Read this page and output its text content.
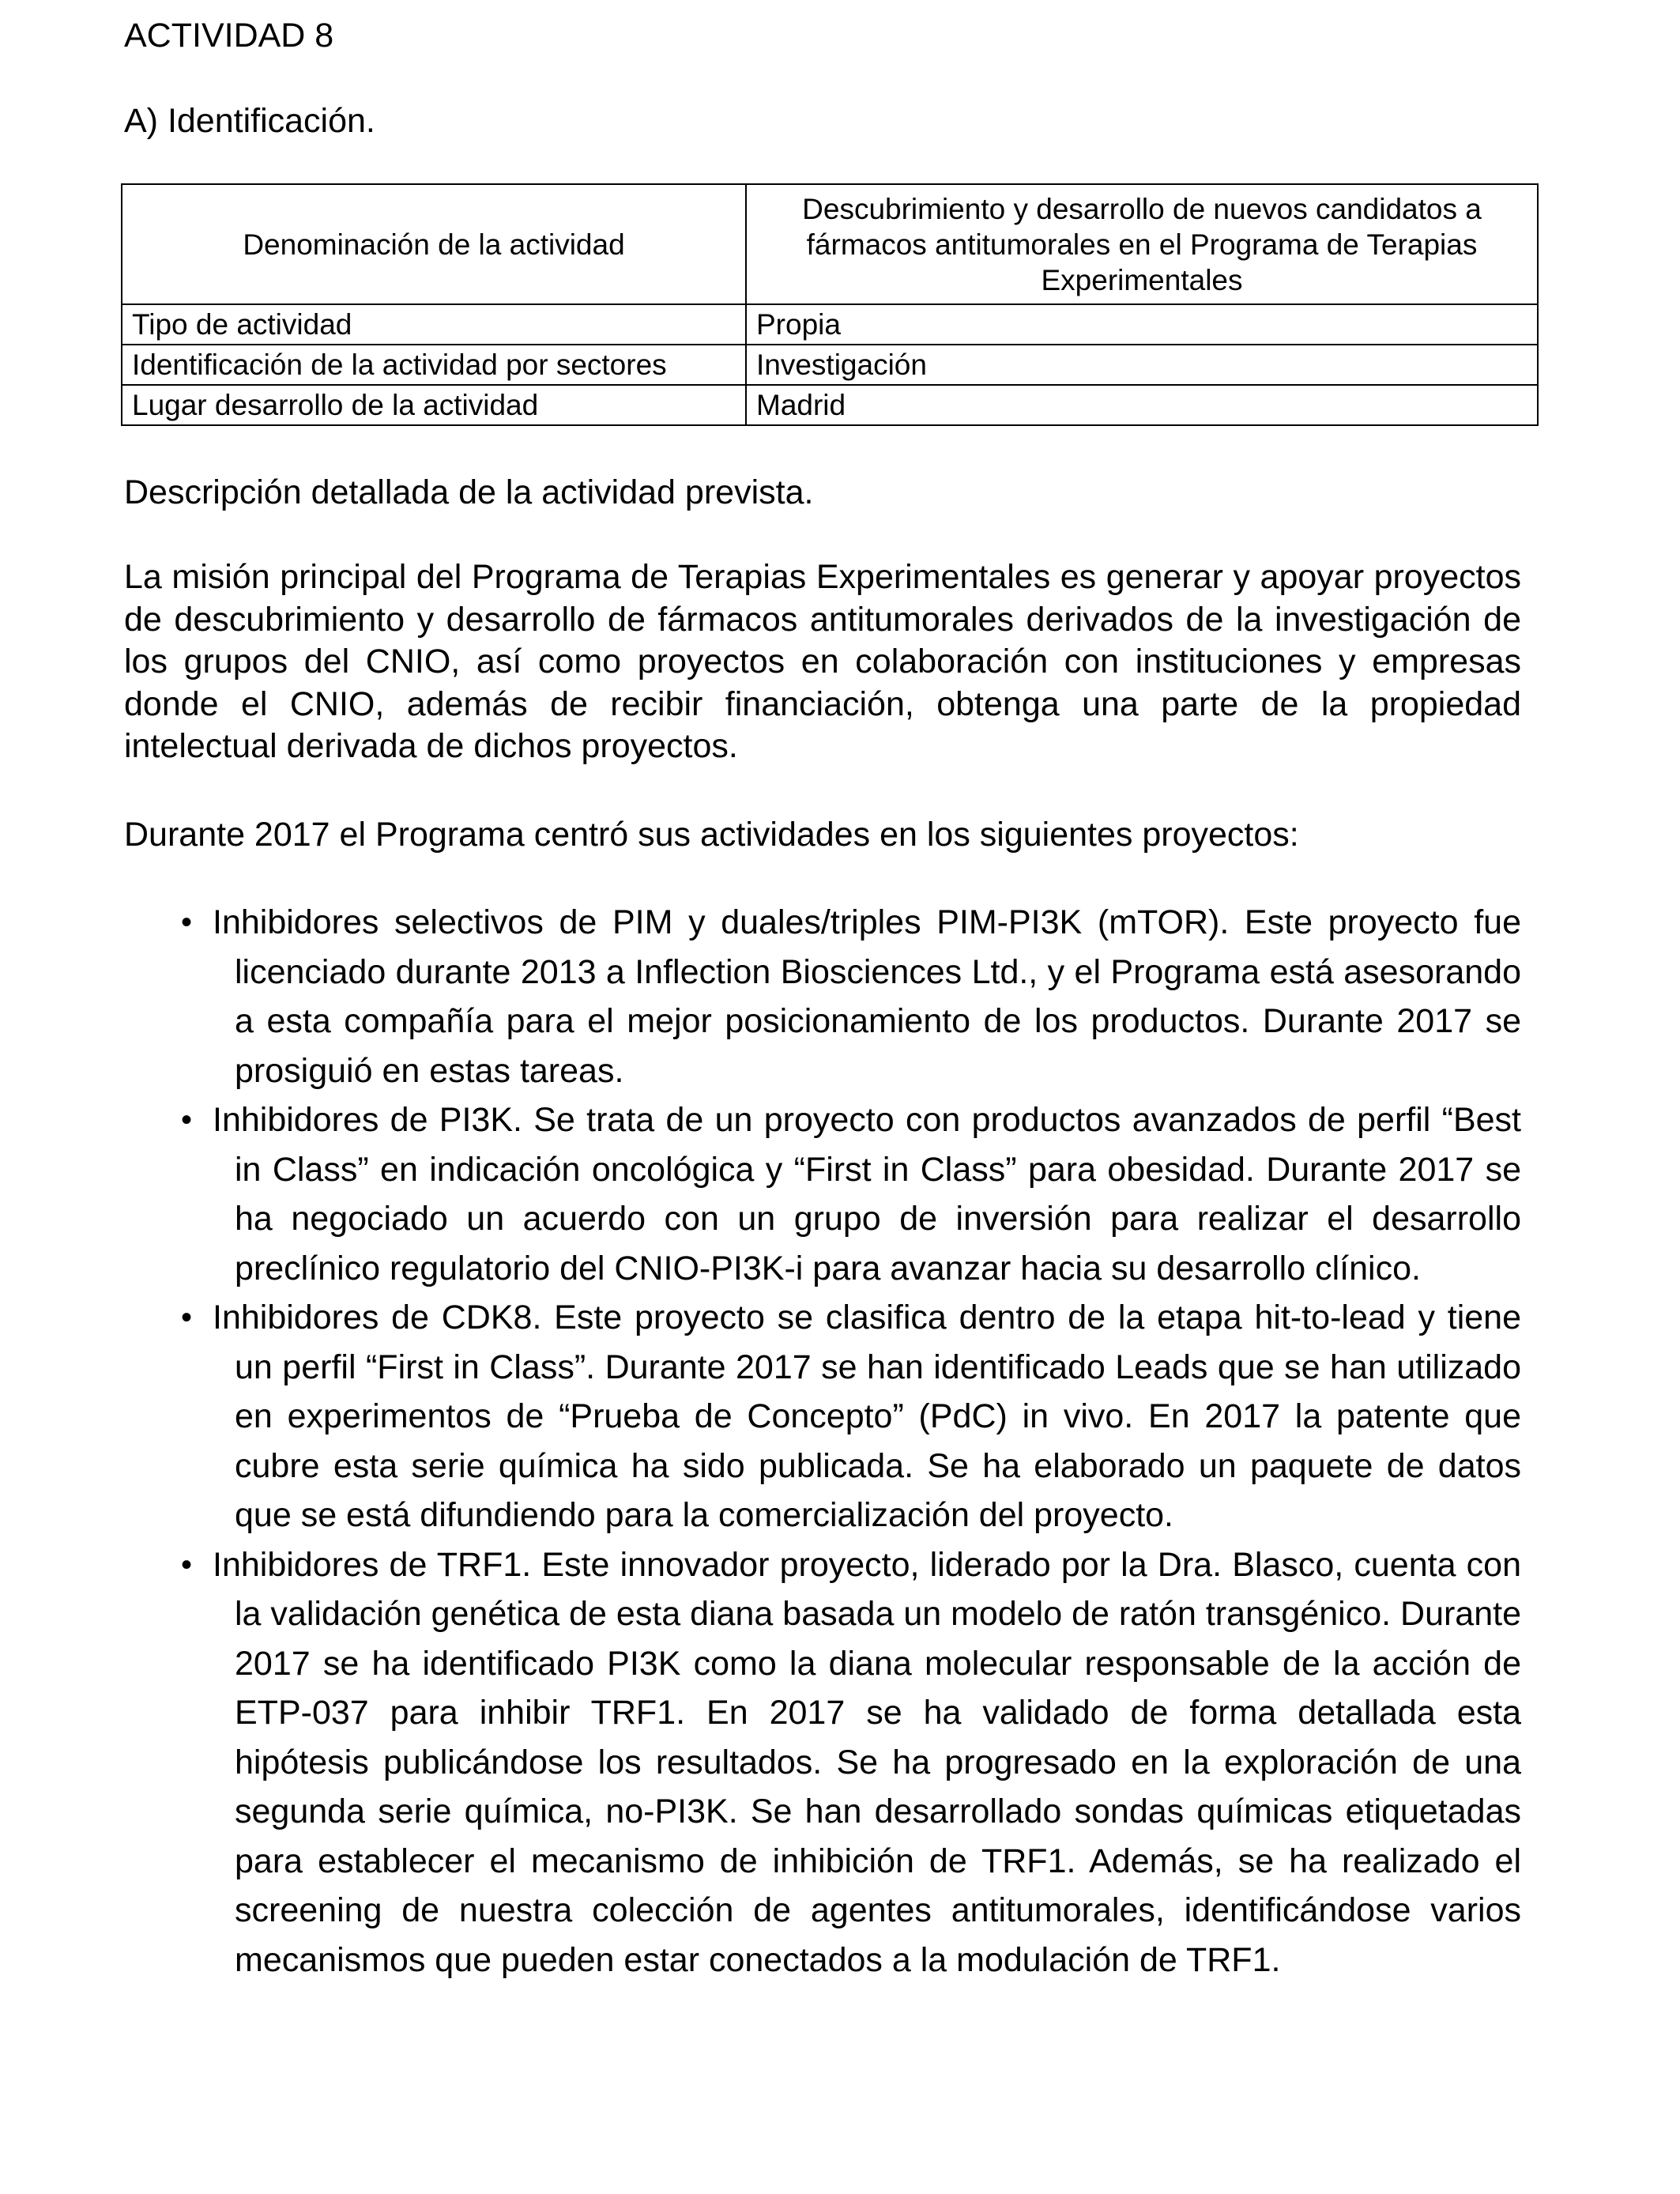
ACTIVIDAD 8
A) Identificación.
Denominación de la actividad	Descubrimiento y desarrollo de nuevos candidatos a fármacos antitumorales en el Programa de Terapias Experimentales
Tipo de actividad	Propia
Identificación de la actividad por sectores	Investigación
Lugar desarrollo de la actividad	Madrid
Descripción detallada de la actividad prevista.
La misión principal del Programa de Terapias Experimentales es generar y apoyar proyectos de descubrimiento y desarrollo de fármacos antitumorales derivados de la investigación de los grupos del CNIO, así como proyectos en colaboración con instituciones y empresas donde el CNIO, además de recibir financiación, obtenga una parte de la propiedad intelectual derivada de dichos proyectos.
Durante 2017 el Programa centró sus actividades en los siguientes proyectos:
• Inhibidores selectivos de PIM y duales/triples PIM-PI3K (mTOR). Este proyecto fue licenciado durante 2013 a Inflection Biosciences Ltd., y el Programa está asesorando a esta compañía para el mejor posicionamiento de los productos. Durante 2017 se prosiguió en estas tareas.
• Inhibidores de PI3K. Se trata de un proyecto con productos avanzados de perfil “Best in Class” en indicación oncológica y “First in Class” para obesidad. Durante 2017 se ha negociado un acuerdo con un grupo de inversión para realizar el desarrollo preclínico regulatorio del CNIO-PI3K-i para avanzar hacia su desarrollo clínico.
• Inhibidores de CDK8. Este proyecto se clasifica dentro de la etapa hit-to-lead y tiene un perfil “First in Class”. Durante 2017 se han identificado Leads que se han utilizado en experimentos de “Prueba de Concepto” (PdC) in vivo. En 2017 la patente que cubre esta serie química ha sido publicada. Se ha elaborado un paquete de datos que se está difundiendo para la comercialización del proyecto.
• Inhibidores de TRF1. Este innovador proyecto, liderado por la Dra. Blasco, cuenta con la validación genética de esta diana basada un modelo de ratón transgénico. Durante 2017 se ha identificado PI3K como la diana molecular responsable de la acción de ETP-037 para inhibir TRF1. En 2017 se ha validado de forma detallada esta hipótesis publicándose los resultados. Se ha progresado en la exploración de una segunda serie química, no-PI3K. Se han desarrollado sondas químicas etiquetadas para establecer el mecanismo de inhibición de TRF1. Además, se ha realizado el screening de nuestra colección de agentes antitumorales, identificándose varios mecanismos que pueden estar conectados a la modulación de TRF1.
